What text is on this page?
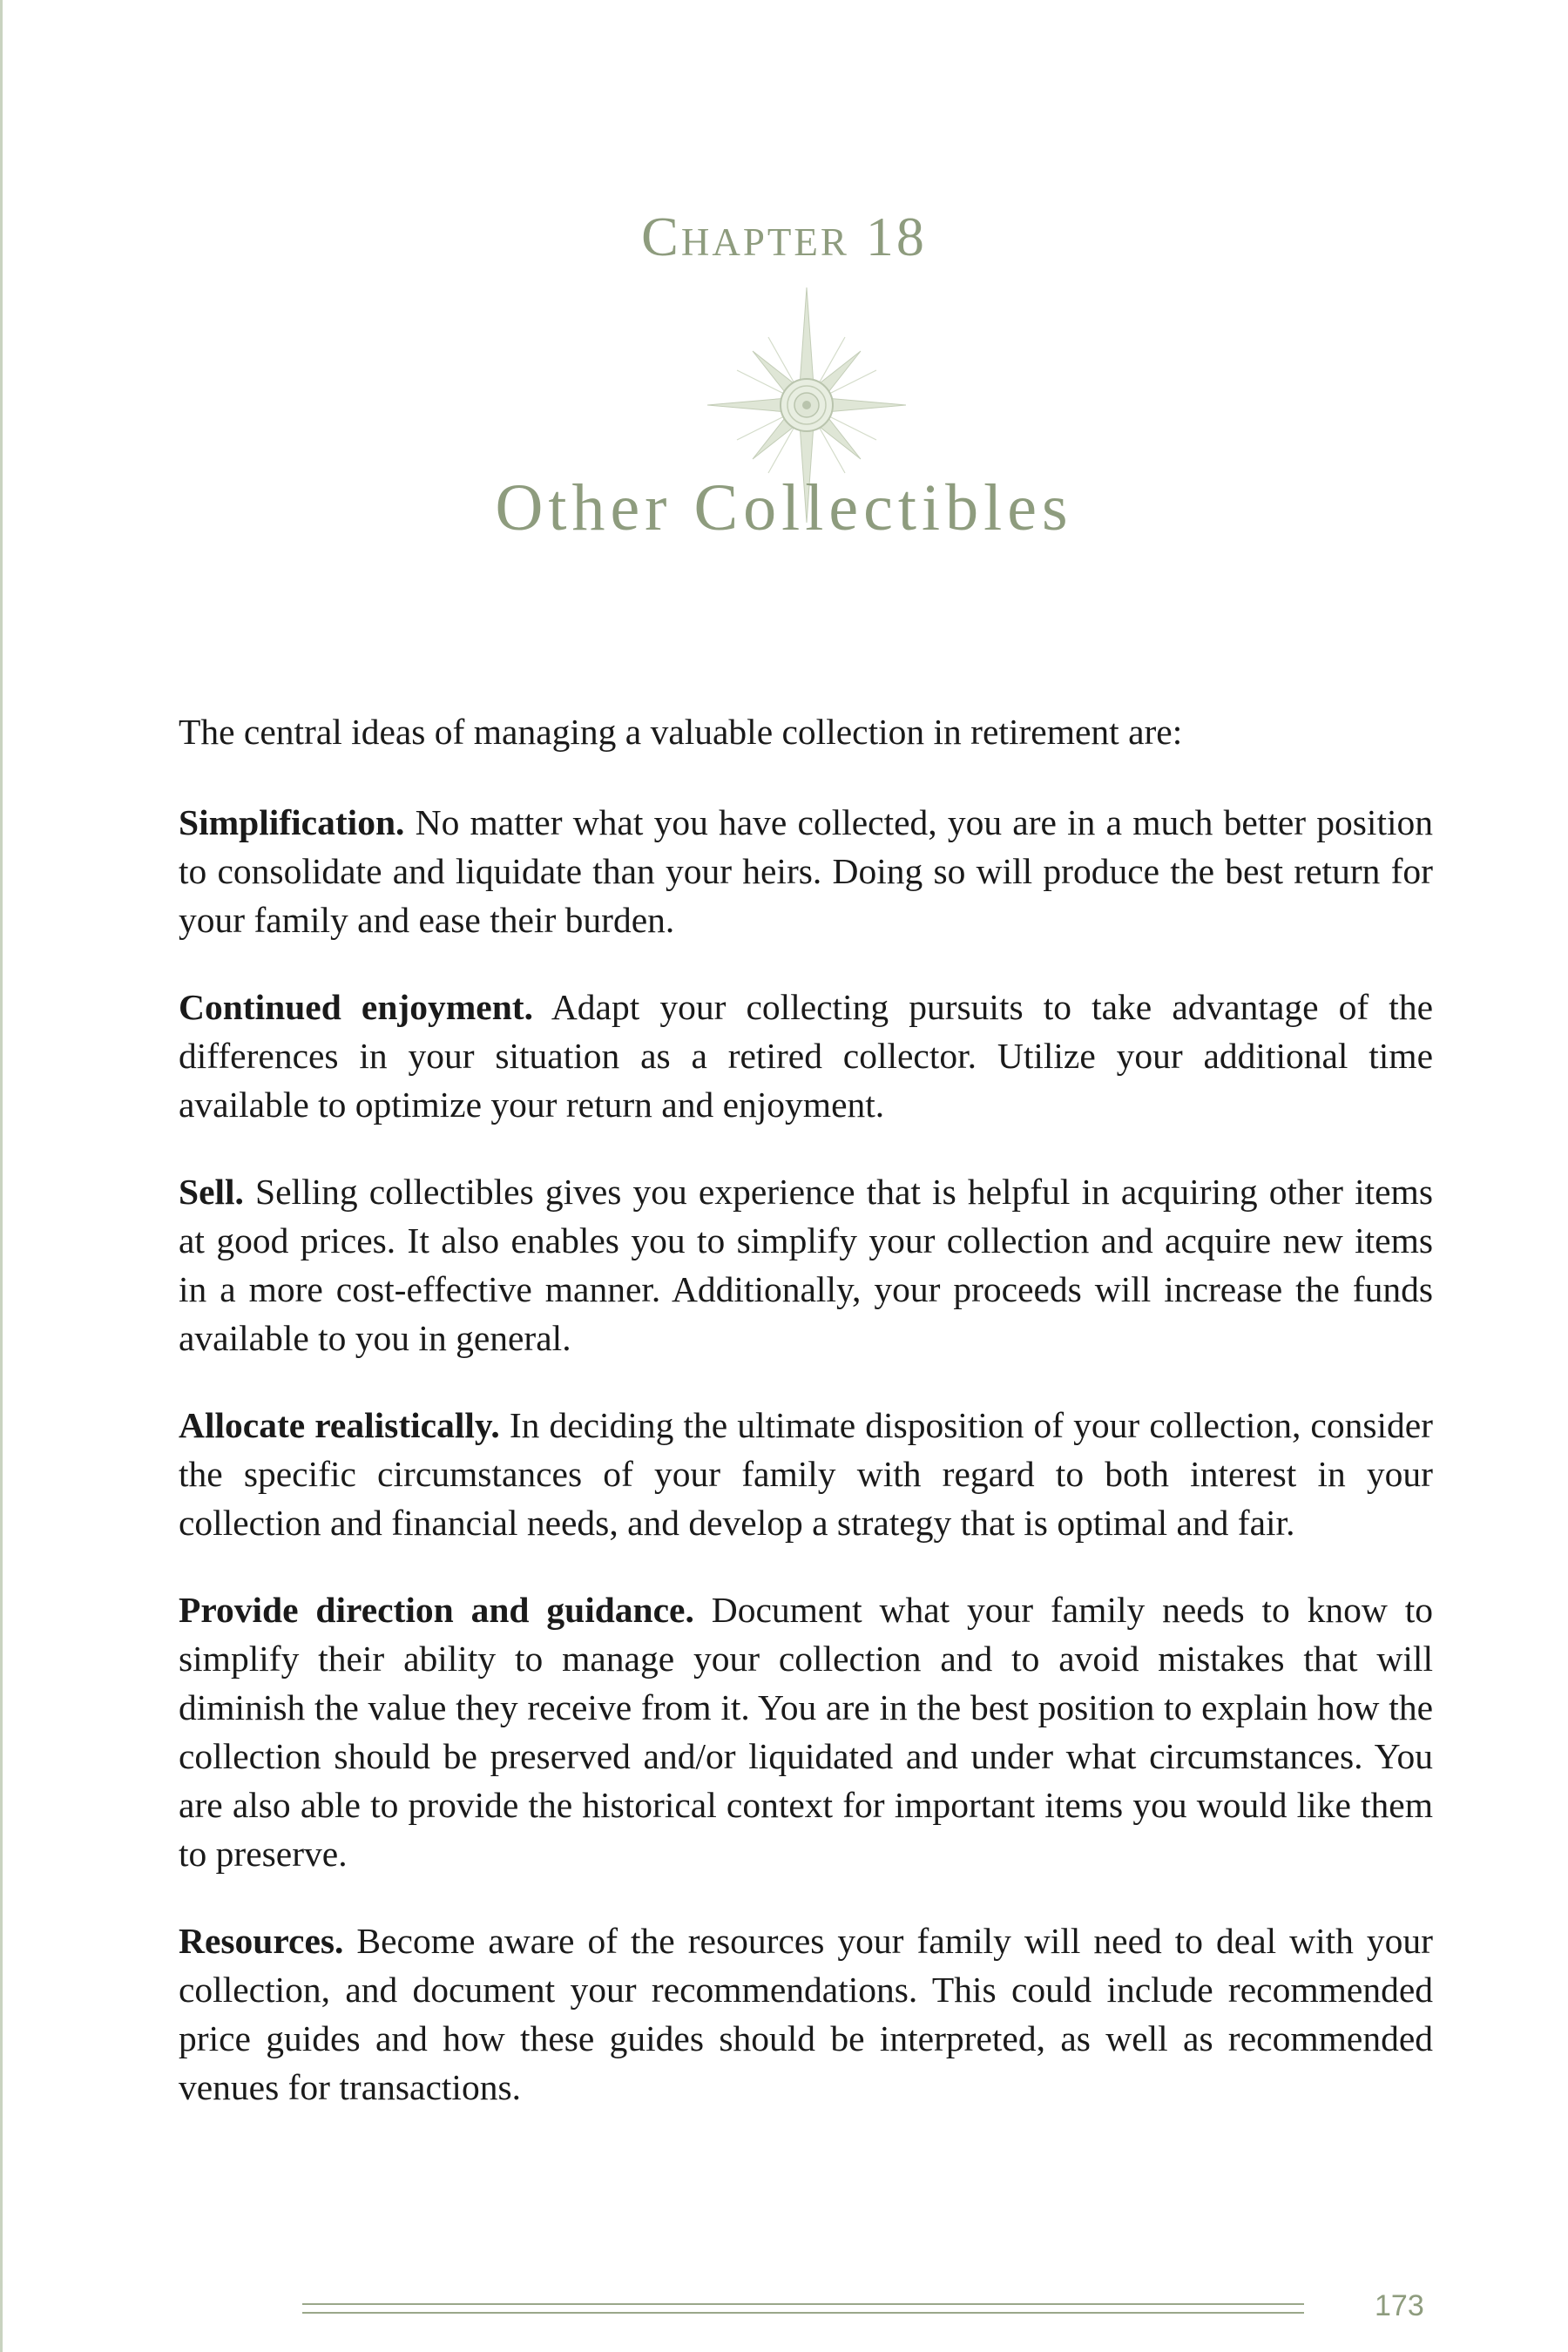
Chapter 18
Other Collectibles

The central ideas of managing a valuable collection in retirement are:

Simplification. No matter what you have collected, you are in a much better position to consolidate and liquidate than your heirs. Doing so will produce the best return for your family and ease their burden.

Continued enjoyment. Adapt your collecting pursuits to take advantage of the differences in your situation as a retired collector. Utilize your additional time available to optimize your return and enjoyment.

Sell. Selling collectibles gives you experience that is helpful in acquiring other items at good prices. It also enables you to simplify your collection and acquire new items in a more cost-effective manner. Additionally, your proceeds will increase the funds available to you in general.

Allocate realistically. In deciding the ultimate disposition of your collection, consider the specific circumstances of your family with regard to both interest in your collection and financial needs, and develop a strategy that is optimal and fair.

Provide direction and guidance. Document what your family needs to know to simplify their ability to manage your collection and to avoid mistakes that will diminish the value they receive from it. You are in the best position to explain how the collection should be preserved and/or liquidated and under what circumstances. You are also able to provide the historical context for important items you would like them to preserve.

Resources. Become aware of the resources your family will need to deal with your collection, and document your recommendations. This could include recommended price guides and how these guides should be interpreted, as well as recommended venues for transactions.

173
